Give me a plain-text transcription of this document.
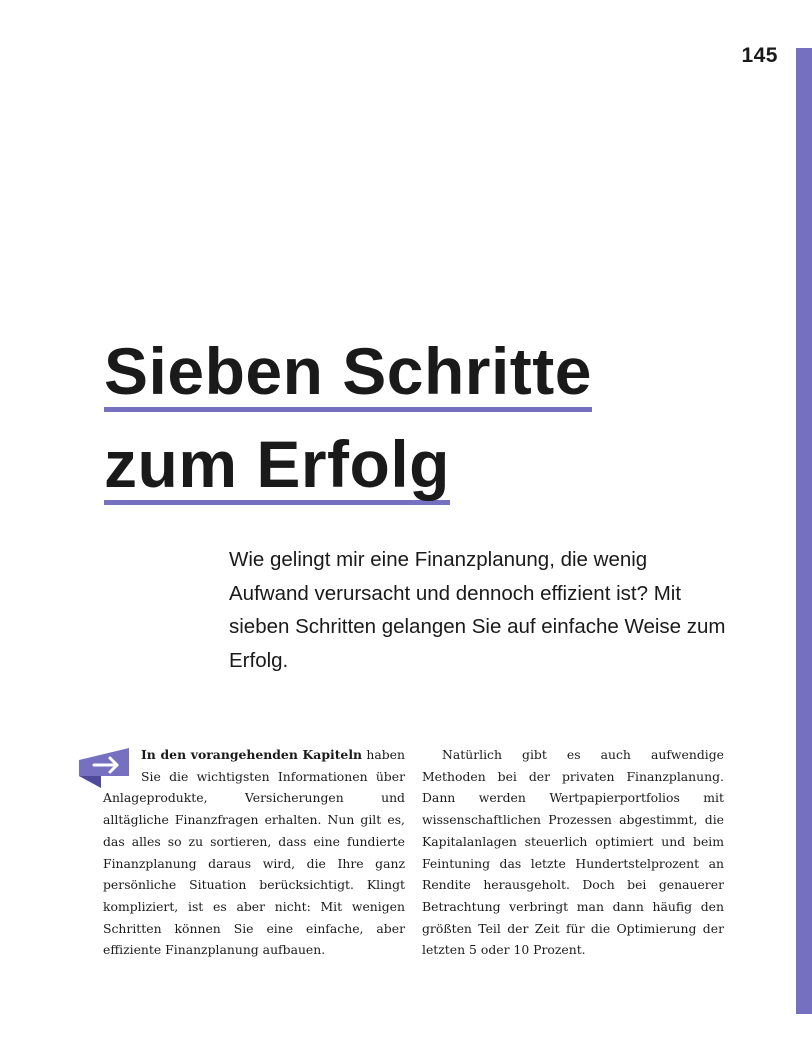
145
Sieben Schritte
zum Erfolg

Wie gelingt mir eine Finanzplanung, die wenig Aufwand verursacht und dennoch effizient ist? Mit sieben Schritten gelangen Sie auf einfache Weise zum Erfolg.

In den vorangehenden Kapiteln haben Sie die wichtigsten Informationen über Anlageprodukte, Versicherungen und alltägliche Finanzfragen erhalten. Nun gilt es, das alles so zu sortieren, dass eine fundierte Finanzplanung daraus wird, die Ihre ganz persönliche Situation berücksichtigt. Klingt kompliziert, ist es aber nicht: Mit wenigen Schritten können Sie eine einfache, aber effiziente Finanzplanung aufbauen.

Natürlich gibt es auch aufwendige Methoden bei der privaten Finanzplanung. Dann werden Wertpapierportfolios mit wissenschaftlichen Prozessen abgestimmt, die Kapitalanlagen steuerlich optimiert und beim Feintuning das letzte Hundertstelprozent an Rendite herausgeholt. Doch bei genauerer Betrachtung verbringt man dann häufig den größten Teil der Zeit für die Optimierung der letzten 5 oder 10 Prozent.
